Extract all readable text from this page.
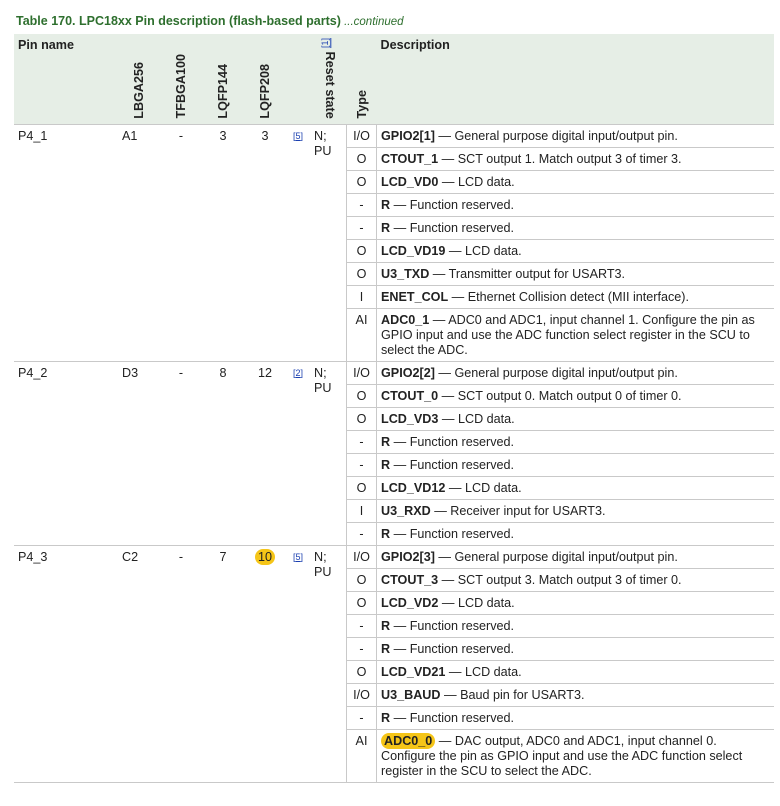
Table 170. LPC18xx Pin description (flash-based parts) ...continued
Pin name	LBGA256	TFBGA100	LQFP144	LQFP208		Reset state [1]	Type	Description
P4_1	A1	-	3	3	[5]	N; PU	I/O	GPIO2[1] — General purpose digital input/output pin.
							O	CTOUT_1 — SCT output 1. Match output 3 of timer 3.
							O	LCD_VD0 — LCD data.
							-	R — Function reserved.
							-	R — Function reserved.
							O	LCD_VD19 — LCD data.
							O	U3_TXD — Transmitter output for USART3.
							I	ENET_COL — Ethernet Collision detect (MII interface).
							AI	ADC0_1 — ADC0 and ADC1, input channel 1. Configure the pin as GPIO input and use the ADC function select register in the SCU to select the ADC.
P4_2	D3	-	8	12	[2]	N; PU	I/O	GPIO2[2] — General purpose digital input/output pin.
							O	CTOUT_0 — SCT output 0. Match output 0 of timer 0.
							O	LCD_VD3 — LCD data.
							-	R — Function reserved.
							-	R — Function reserved.
							O	LCD_VD12 — LCD data.
							I	U3_RXD — Receiver input for USART3.
							-	R — Function reserved.
P4_3	C2	-	7	10	[5]	N; PU	I/O	GPIO2[3] — General purpose digital input/output pin.
							O	CTOUT_3 — SCT output 3. Match output 3 of timer 0.
							O	LCD_VD2 — LCD data.
							-	R — Function reserved.
							-	R — Function reserved.
							O	LCD_VD21 — LCD data.
							I/O	U3_BAUD — Baud pin for USART3.
							-	R — Function reserved.
							AI	ADC0_0 — DAC output, ADC0 and ADC1, input channel 0. Configure the pin as GPIO input and use the ADC function select register in the SCU to select the ADC.
